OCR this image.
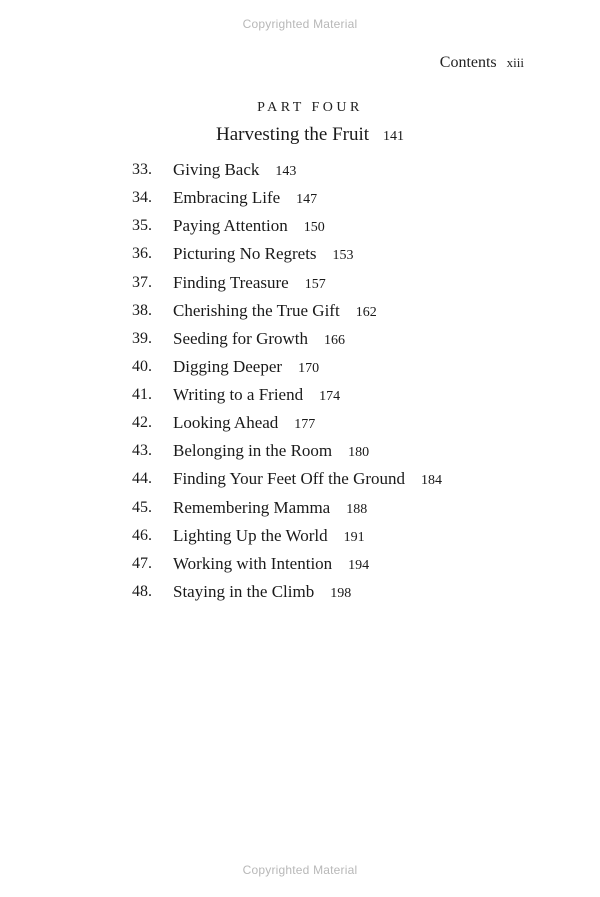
Copyrighted Material
Contents xiii
PART FOUR
Harvesting the Fruit 141
33. Giving Back 143
34. Embracing Life 147
35. Paying Attention 150
36. Picturing No Regrets 153
37. Finding Treasure 157
38. Cherishing the True Gift 162
39. Seeding for Growth 166
40. Digging Deeper 170
41. Writing to a Friend 174
42. Looking Ahead 177
43. Belonging in the Room 180
44. Finding Your Feet Off the Ground 184
45. Remembering Mamma 188
46. Lighting Up the World 191
47. Working with Intention 194
48. Staying in the Climb 198
Copyrighted Material
